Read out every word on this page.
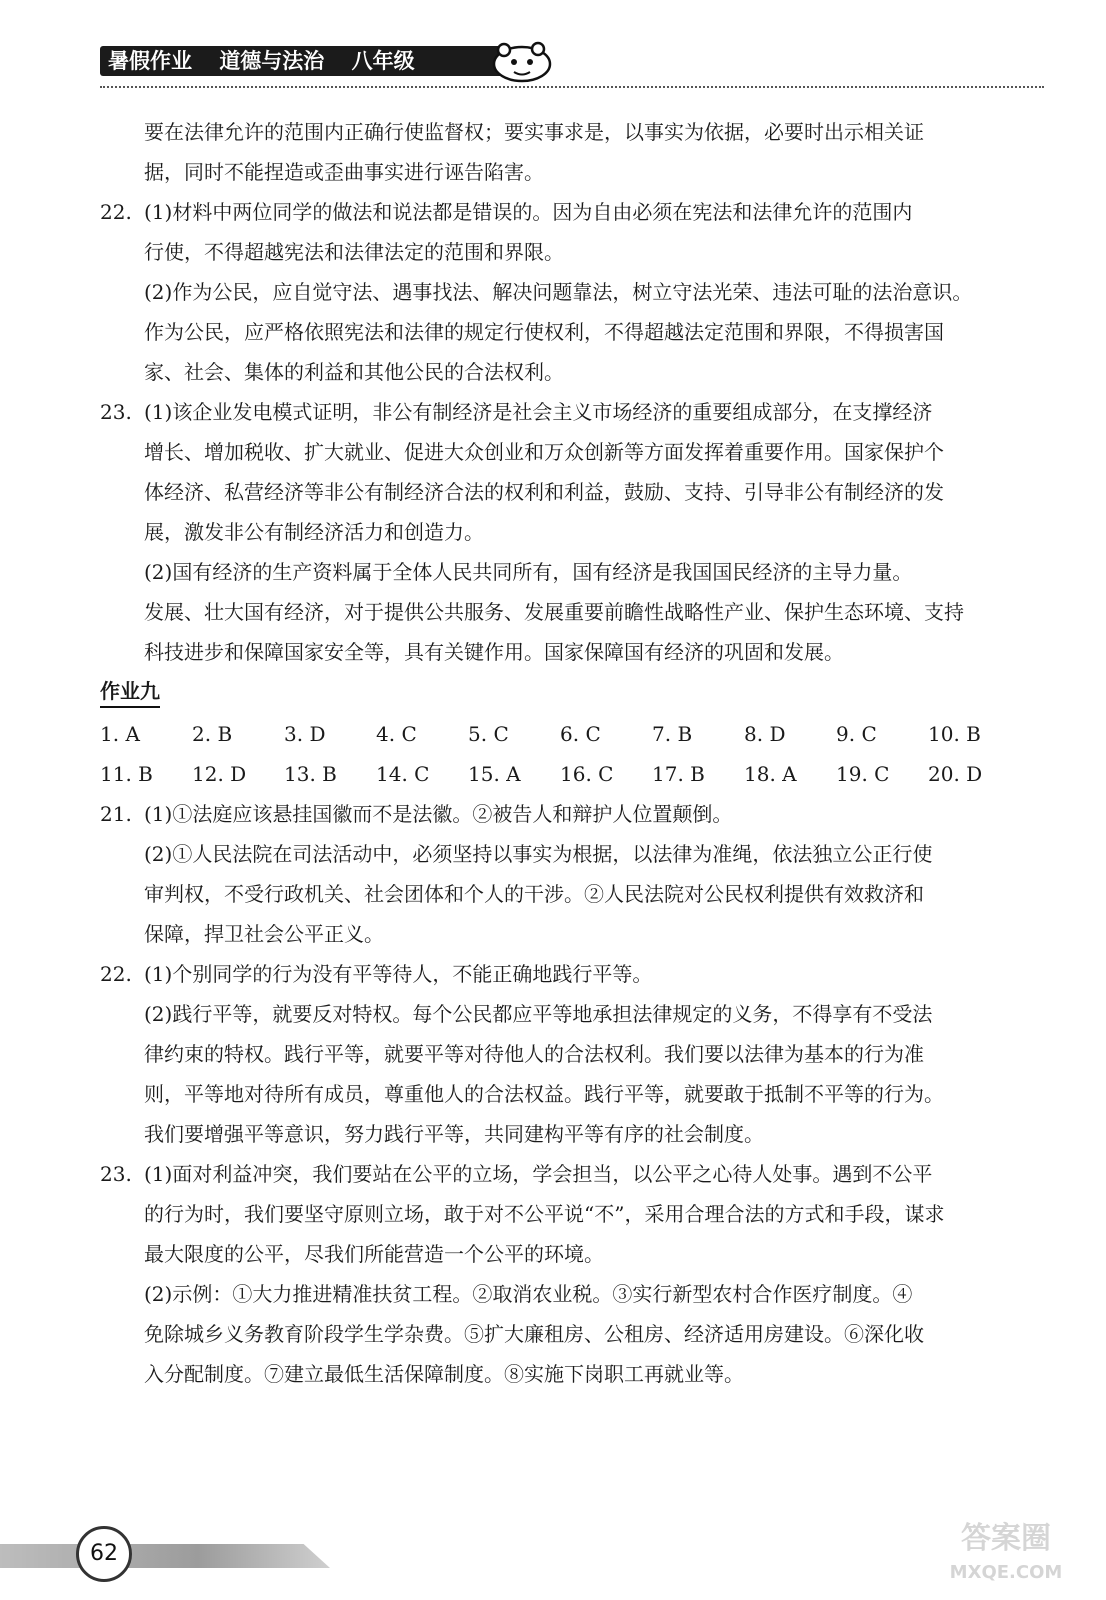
暑假作业 道德与法治 八年级

要在法律允许的范围内正确行使监督权；要实事求是，以事实为依据，必要时出示相关证

据，同时不能捏造或歪曲事实进行诬告陷害。

22. (1)材料中两位同学的做法和说法都是错误的。因为自由必须在宪法和法律允许的范围内

行使，不得超越宪法和法律法定的范围和界限。

(2)作为公民，应自觉守法、遇事找法、解决问题靠法，树立守法光荣、违法可耻的法治意识。

作为公民，应严格依照宪法和法律的规定行使权利，不得超越法定范围和界限，不得损害国

家、社会、集体的利益和其他公民的合法权利。

23. (1)该企业发电模式证明，非公有制经济是社会主义市场经济的重要组成部分，在支撑经济

增长、增加税收、扩大就业、促进大众创业和万众创新等方面发挥着重要作用。国家保护个

体经济、私营经济等非公有制经济合法的权利和利益，鼓励、支持、引导非公有制经济的发

展，激发非公有制经济活力和创造力。

(2)国有经济的生产资料属于全体人民共同所有，国有经济是我国国民经济的主导力量。

发展、壮大国有经济，对于提供公共服务、发展重要前瞻性战略性产业、保护生态环境、支持

科技进步和保障国家安全等，具有关键作用。国家保障国有经济的巩固和发展。

作业九
1. A	2. B	3. D	4. C	5. C	6. C	7. B	8. D	9. C	10. B
11. B	12. D	13. B	14. C	15. A	16. C	17. B	18. A	19. C	20. D
21. (1)①法庭应该悬挂国徽而不是法徽。②被告人和辩护人位置颠倒。

(2)①人民法院在司法活动中，必须坚持以事实为根据，以法律为准绳，依法独立公正行使

审判权，不受行政机关、社会团体和个人的干涉。②人民法院对公民权利提供有效救济和

保障，捍卫社会公平正义。

22. (1)个别同学的行为没有平等待人，不能正确地践行平等。

(2)践行平等，就要反对特权。每个公民都应平等地承担法律规定的义务，不得享有不受法

律约束的特权。践行平等，就要平等对待他人的合法权利。我们要以法律为基本的行为准

则，平等地对待所有成员，尊重他人的合法权益。践行平等，就要敢于抵制不平等的行为。

我们要增强平等意识，努力践行平等，共同建构平等有序的社会制度。

23. (1)面对利益冲突，我们要站在公平的立场，学会担当，以公平之心待人处事。遇到不公平

的行为时，我们要坚守原则立场，敢于对不公平说“不”，采用合理合法的方式和手段，谋求

最大限度的公平，尽我们所能营造一个公平的环境。

(2)示例：①大力推进精准扶贫工程。②取消农业税。③实行新型农村合作医疗制度。④

免除城乡义务教育阶段学生学杂费。⑤扩大廉租房、公租房、经济适用房建设。⑥深化收

入分配制度。⑦建立最低生活保障制度。⑧实施下岗职工再就业等。

62	答案圈
MXQE.COM
